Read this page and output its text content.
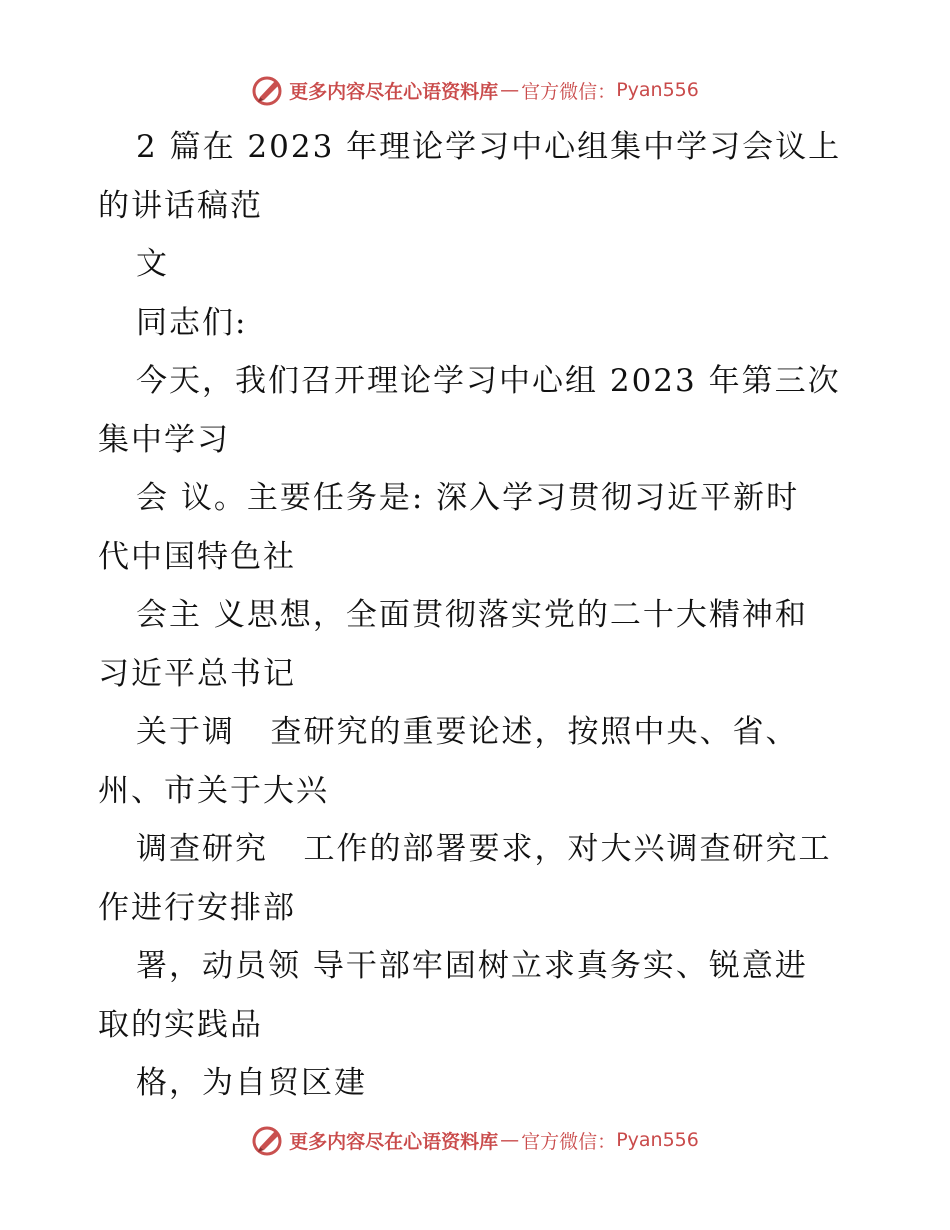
更多内容尽在心语资料库 — 官方微信： Pyan556
2 篇在 2023 年理论学习中心组集中学习会议上
的讲话稿范
文
同志们:
今天，我们召开理论学习中心组 2023 年第三次
集中学习
会 议。主要任务是: 深入学习贯彻习近平新时
代中国特色社
会主 义思想，全面贯彻落实党的二十大精神和
习近平总书记
关于调   查研究的重要论述，按照中央、省、
州、市关于大兴
调查研究   工作的部署要求，对大兴调查研究工
作进行安排部
署，动员领 导干部牢固树立求真务实、锐意进
取的实践品
格，为自贸区建
更多内容尽在心语资料库 — 官方微信： Pyan556
